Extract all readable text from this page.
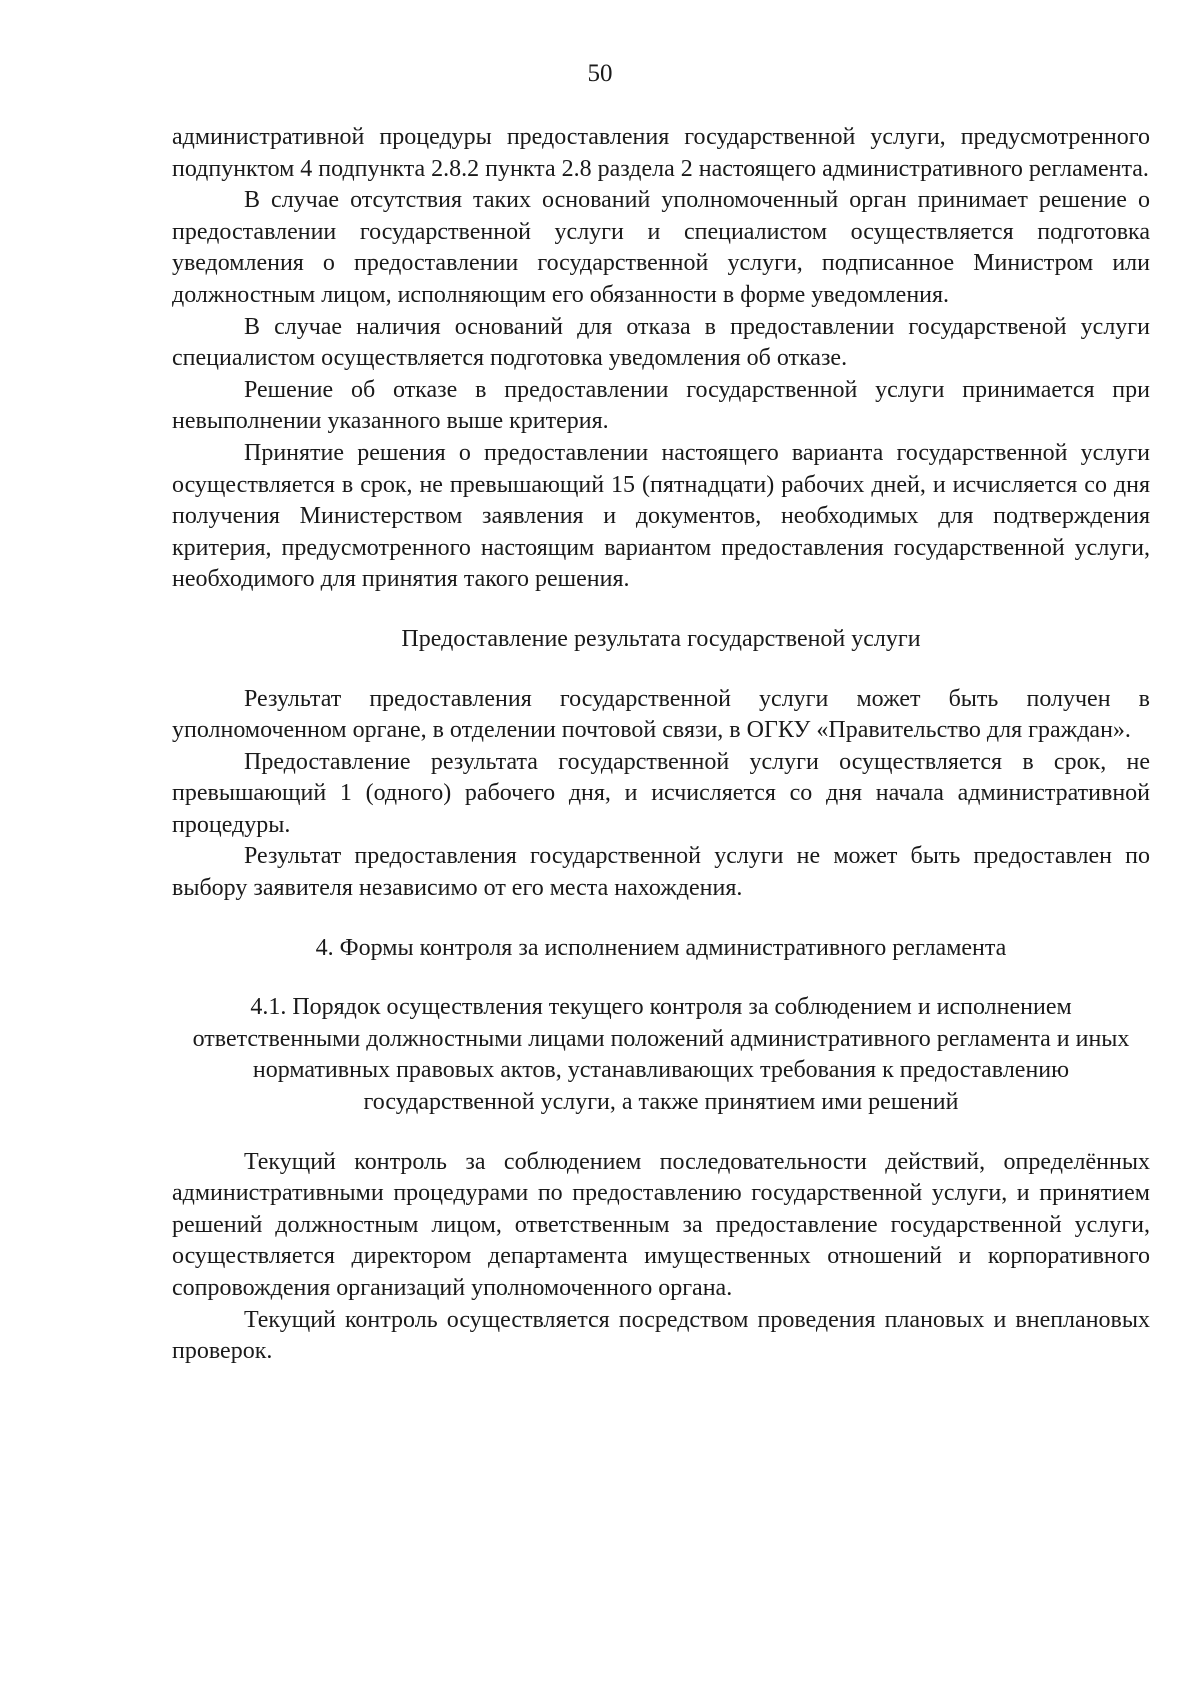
50

административной процедуры предоставления государственной услуги, предусмотренного подпунктом 4 подпункта 2.8.2 пункта 2.8 раздела 2 настоящего административного регламента.

В случае отсутствия таких оснований уполномоченный орган принимает решение о предоставлении государственной услуги и специалистом осуществляется подготовка уведомления о предоставлении государственной услуги, подписанное Министром или должностным лицом, исполняющим его обязанности в форме уведомления.

В случае наличия оснований для отказа в предоставлении государственой услуги специалистом осуществляется подготовка уведомления об отказе.

Решение об отказе в предоставлении государственной услуги принимается при невыполнении указанного выше критерия.

Принятие решения о предоставлении настоящего варианта государственной услуги осуществляется в срок, не превышающий 15 (пятнадцати) рабочих дней, и исчисляется со дня получения Министерством заявления и документов, необходимых для подтверждения критерия, предусмотренного настоящим вариантом предоставления государственной услуги, необходимого для принятия такого решения.

Предоставление результата государственой услуги

Результат предоставления государственной услуги может быть получен в уполномоченном органе, в отделении почтовой связи, в ОГКУ «Правительство для граждан».

Предоставление результата государственной услуги осуществляется в срок, не превышающий 1 (одного) рабочего дня, и исчисляется со дня начала административной процедуры.

Результат предоставления государственной услуги не может быть предоставлен по выбору заявителя независимо от его места нахождения.

4. Формы контроля за исполнением административного регламента

4.1. Порядок осуществления текущего контроля за соблюдением и исполнением ответственными должностными лицами положений административного регламента и иных нормативных правовых актов, устанавливающих требования к предоставлению государственной услуги, а также принятием ими решений

Текущий контроль за соблюдением последовательности действий, определённых административными процедурами по предоставлению государственной услуги, и принятием решений должностным лицом, ответственным за предоставление государственной услуги, осуществляется директором департамента имущественных отношений и корпоративного сопровождения организаций уполномоченного органа.

Текущий контроль осуществляется посредством проведения плановых и внеплановых проверок.
